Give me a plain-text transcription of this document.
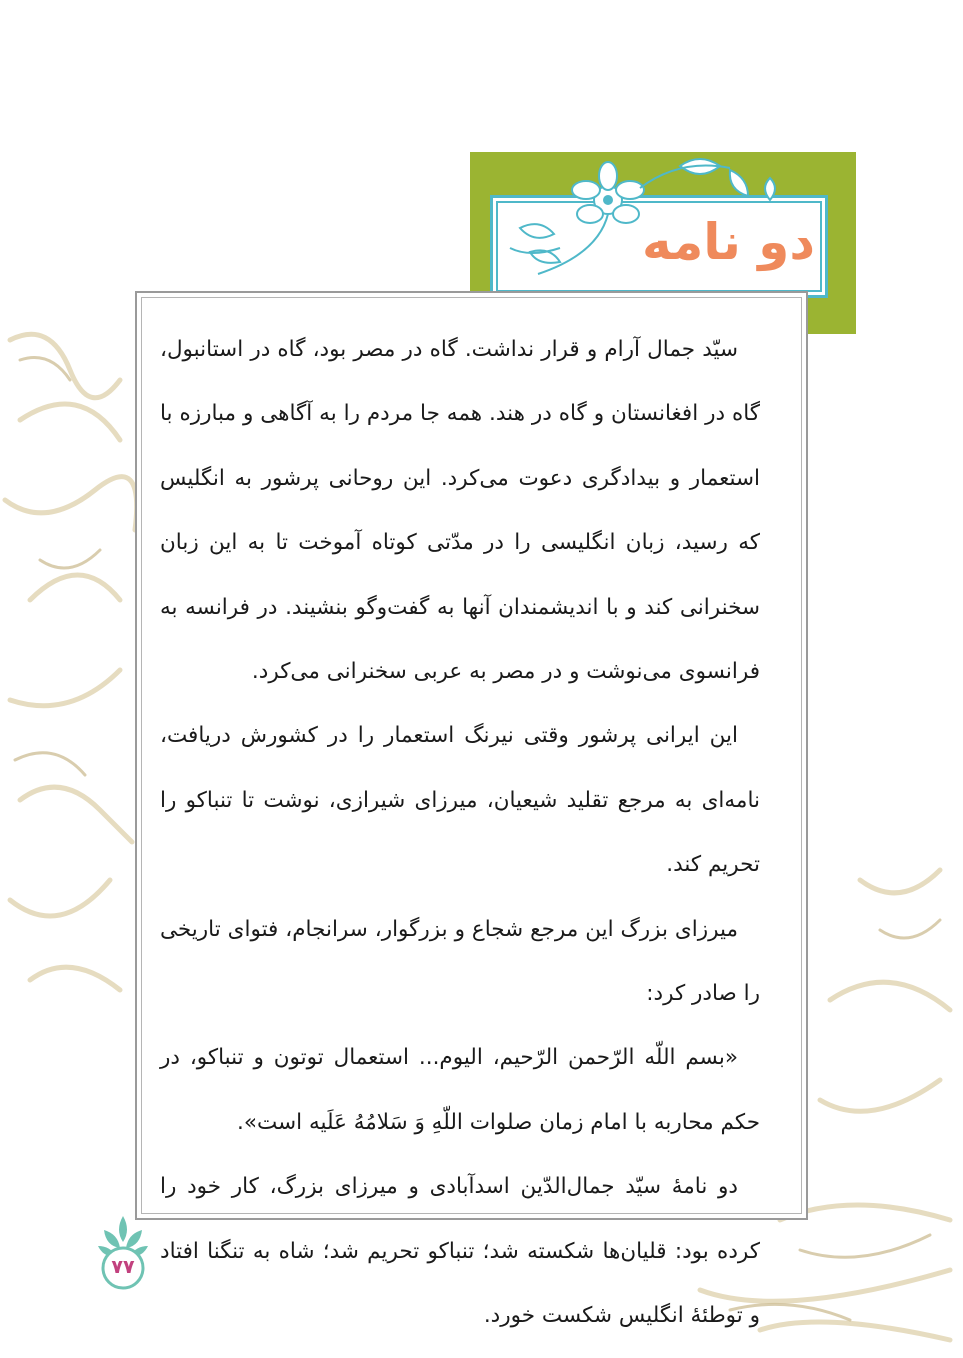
دو نامه

سیّد جمال آرام و قرار نداشت. گاه در مصر بود، گاه در استانبول، گاه در افغانستان و گاه در هند. همه جا مردم را به آگاهی و مبارزه با استعمار و بیدادگری دعوت می‌کرد. این روحانی پرشور به انگلیس که رسید، زبان انگلیسی را در مدّتی کوتاه آموخت تا به این زبان سخنرانی کند و با اندیشمندان آنها به گفت‌وگو بنشیند. در فرانسه به فرانسوی می‌نوشت و در مصر به عربی سخنرانی می‌کرد.

این ایرانی پرشور وقتی نیرنگ استعمار را در کشورش دریافت، نامه‌ای به مرجع تقلید شیعیان، میرزای شیرازی، نوشت تا تنباکو را تحریم کند.

میرزای بزرگ این مرجع شجاع و بزرگوار، سرانجام، فتوای تاریخی را صادر کرد:

«بسم اللّه الرّحمن الرّحیم، الیوم... استعمال توتون و تنباکو، در حکم محاربه با امام زمان صلوات اللّهِ وَ سَلامُهُ عَلَیه است».

دو نامهٔ سیّد جمال‌الدّین اسدآبادی و میرزای بزرگ، کار خود را کرده بود: قلیان‌ها شکسته شد؛ تنباکو تحریم شد؛ شاه به تنگنا افتاد و توطئهٔ انگلیس شکست خورد.

۷۷
